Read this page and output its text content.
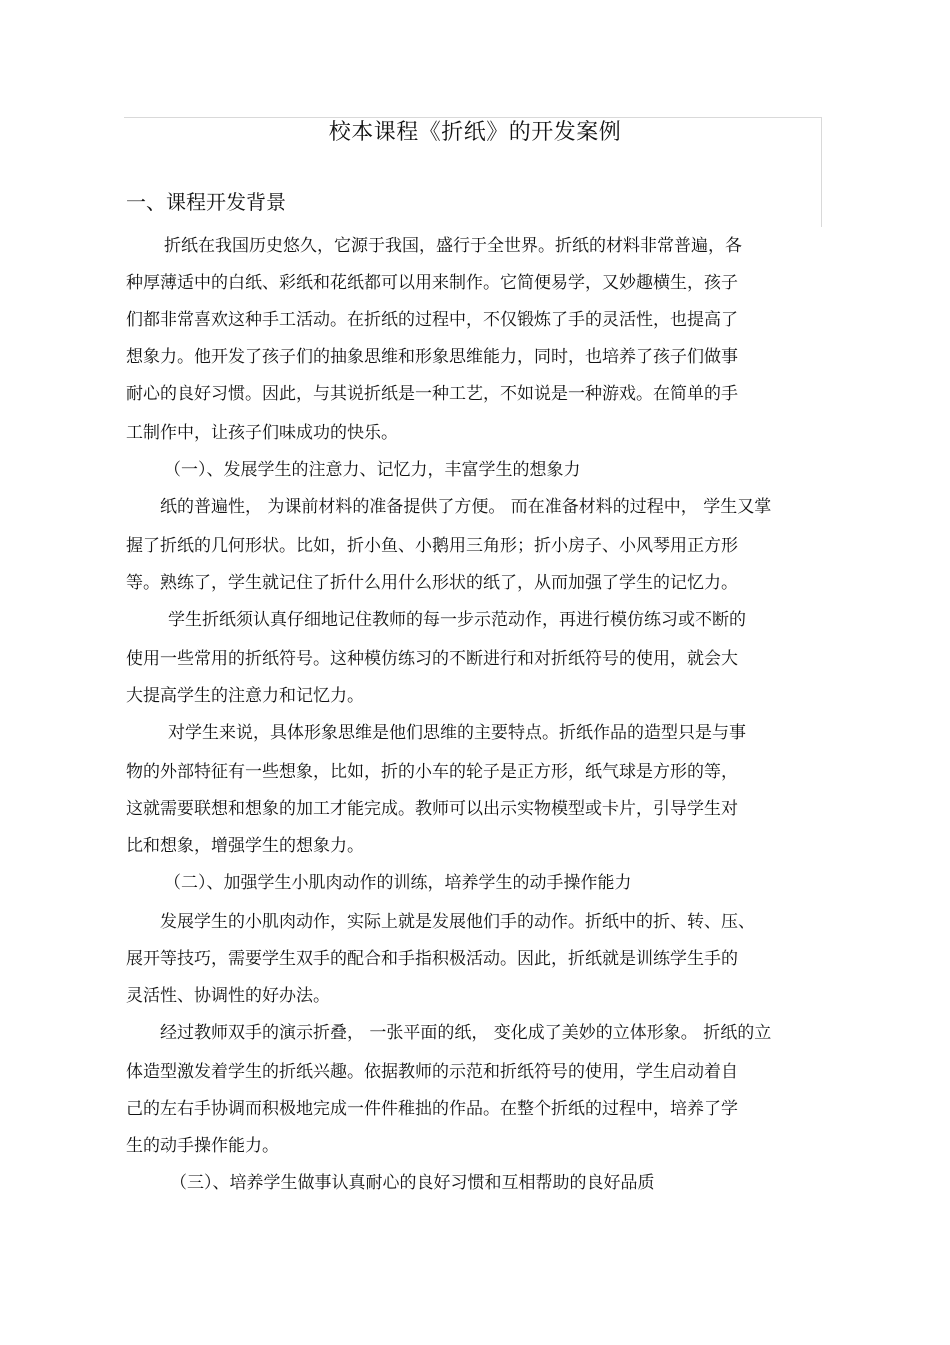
校本课程《折纸》的开发案例
一、课程开发背景
折纸在我国历史悠久，它源于我国，盛行于全世界。折纸的材料非常普遍，各
种厚薄适中的白纸、彩纸和花纸都可以用来制作。它简便易学，又妙趣横生，孩子
们都非常喜欢这种手工活动。在折纸的过程中，不仅锻炼了手的灵活性，也提高了
想象力。他开发了孩子们的抽象思维和形象思维能力，同时，也培养了孩子们做事
耐心的良好习惯。因此，与其说折纸是一种工艺，不如说是一种游戏。在简单的手
工制作中，让孩子们味成功的快乐。
（一）、发展学生的注意力、记忆力，丰富学生的想象力
纸的普遍性， 为课前材料的准备提供了方便。 而在准备材料的过程中， 学生又掌
握了折纸的几何形状。比如，折小鱼、小鹅用三角形；折小房子、小风琴用正方形
等。熟练了，学生就记住了折什么用什么形状的纸了，从而加强了学生的记忆力。
学生折纸须认真仔细地记住教师的每一步示范动作，再进行模仿练习或不断的
使用一些常用的折纸符号。这种模仿练习的不断进行和对折纸符号的使用，就会大
大提高学生的注意力和记忆力。
对学生来说，具体形象思维是他们思维的主要特点。折纸作品的造型只是与事
物的外部特征有一些想象，比如，折的小车的轮子是正方形，纸气球是方形的等，
这就需要联想和想象的加工才能完成。教师可以出示实物模型或卡片，引导学生对
比和想象，增强学生的想象力。
（二）、加强学生小肌肉动作的训练，培养学生的动手操作能力
发展学生的小肌肉动作，实际上就是发展他们手的动作。折纸中的折、转、压、
展开等技巧，需要学生双手的配合和手指积极活动。因此，折纸就是训练学生手的
灵活性、协调性的好办法。
经过教师双手的演示折叠， 一张平面的纸， 变化成了美妙的立体形象。 折纸的立
体造型激发着学生的折纸兴趣。依据教师的示范和折纸符号的使用，学生启动着自
己的左右手协调而积极地完成一件件稚拙的作品。在整个折纸的过程中，培养了学
生的动手操作能力。
（三）、培养学生做事认真耐心的良好习惯和互相帮助的良好品质
